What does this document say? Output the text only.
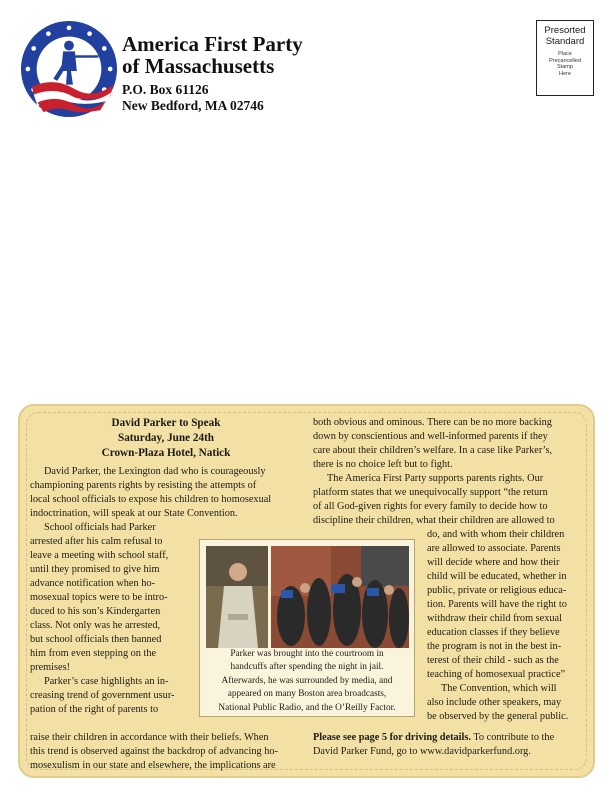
America First Party
of Massachusetts
P.O. Box 61126
New Bedford, MA 02746
Presorted
Standard
Place
Precancelled
Stamp
Here
David Parker to Speak
Saturday, June 24th
Crown-Plaza Hotel, Natick
David Parker, the Lexington dad who is courageously
championing parents rights by resisting the attempts of
local school officials to expose his children to homosexual
indoctrination, will speak at our State Convention.
School officials had Parker
arrested after his calm refusal to
leave a meeting with school staff,
until they promised to give him
advance notification when ho-
mosexual topics were to be intro-
duced to his son’s Kindergarten
class. Not only was he arrested,
but school officials then banned
him from even stepping on the
premises!
Parker’s case highlights an in-
creasing trend of government usur-
pation of the right of parents to
raise their children in accordance with their beliefs. When
this trend is observed against the backdrop of advancing ho-
mosexulism in our state and elsewhere, the implications are
both obvious and ominous. There can be no more backing
down by conscientious and well-informed parents if they
care about their children’s welfare. In a case like Parker’s,
there is no choice left but to fight.
The America First Party supports parents rights. Our
platform states that we unequivocally support “the return
of all God-given rights for every family to decide how to
discipline their children, what their children are allowed to
do, and with whom their children
are allowed to associate. Parents
will decide where and how their
child will be educated, whether in
public, private or religious educa-
tion. Parents will have the right to
withdraw their child from sexual
education classes if they believe
the program is not in the best in-
terest of their child - such as the
teaching of homosexual practice”
The Convention, which will
also include other speakers, may
be observed by the general public.
Please see page 5 for driving details. To contribute to the
David Parker Fund, go to www.davidparkerfund.org.
Parker was brought into the courtroom in
handcuffs after spending the night in jail.
Afterwards, he was surrounded by media, and
appeared on many Boston area broadcasts,
National Public Radio, and the O’Reilly Factor.
